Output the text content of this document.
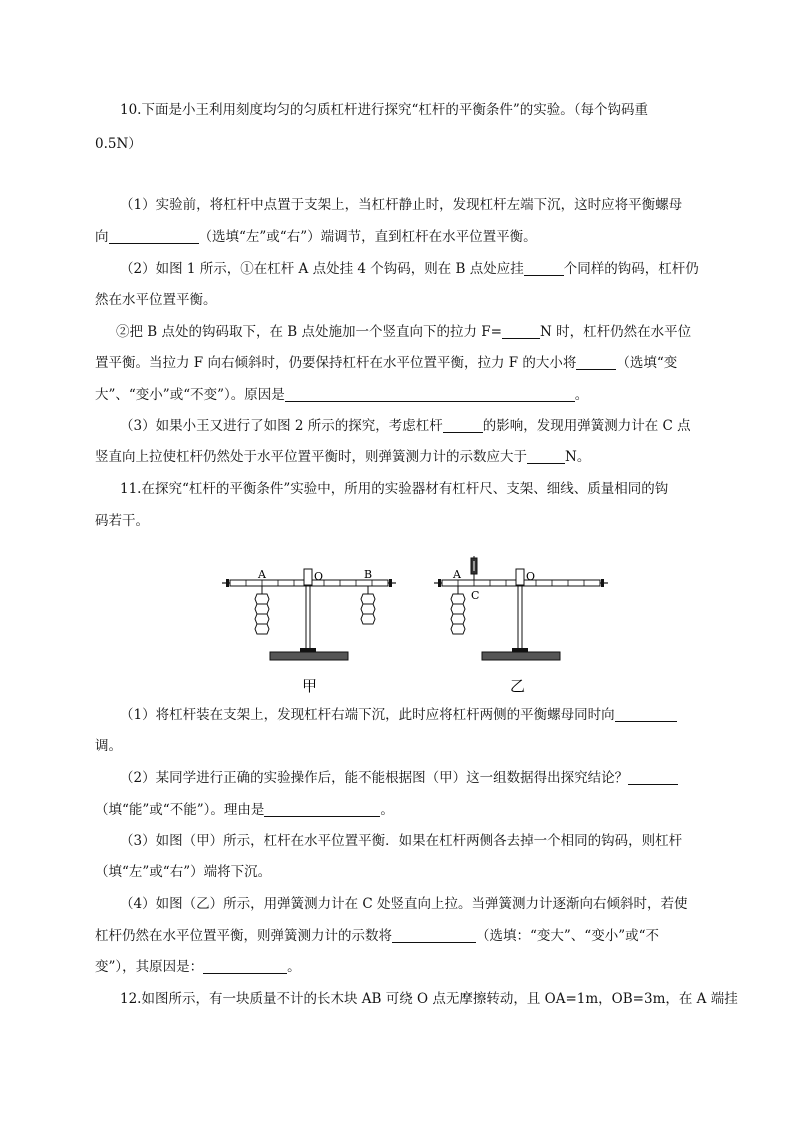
10.下面是小王利用刻度均匀的匀质杠杆进行探究“杠杆的平衡条件”的实验。（每个钩码重

0.5N）

（1）实验前，将杠杆中点置于支架上，当杠杆静止时，发现杠杆左端下沉，这时应将平衡螺母

向	（选填“左”或“右”）端调节，直到杠杆在水平位置平衡。

（2）如图 1 所示，①在杠杆 A 点处挂 4 个钩码，则在 B 点处应挂	个同样的钩码，杠杆仍

然在水平位置平衡。

②把 B 点处的钩码取下，在 B 点处施加一个竖直向下的拉力 F=	N 时，杠杆仍然在水平位

置平衡。当拉力 F 向右倾斜时，仍要保持杠杆在水平位置平衡，拉力 F 的大小将	（选填“变

大”、“变小”或“不变”）。原因是	。

（3）如果小王又进行了如图 2 所示的探究，考虑杠杆	的影响，发现用弹簧测力计在 C 点

竖直向上拉使杠杆仍然处于水平位置平衡时，则弹簧测力计的示数应大于	N。

11.在探究“杠杆的平衡条件”实验中，所用的实验器材有杠杆尺、支架、细线、质量相同的钩

码若干。

A	O	B	A	O
C
甲	乙

（1）将杠杆装在支架上，发现杠杆右端下沉，此时应将杠杆两侧的平衡螺母同时向

调。

（2）某同学进行正确的实验操作后，能不能根据图（甲）这一组数据得出探究结论？

（填“能”或“不能”）。理由是	。

（3）如图（甲）所示，杠杆在水平位置平衡．如果在杠杆两侧各去掉一个相同的钩码，则杠杆

（填“左”或“右”）端将下沉。

（4）如图（乙）所示，用弹簧测力计在 C 处竖直向上拉。当弹簧测力计逐渐向右倾斜时，若使

杠杆仍然在水平位置平衡，则弹簧测力计的示数将	（选填：“变大”、“变小”或“不

变”），其原因是：	。

12.如图所示，有一块质量不计的长木块 AB 可绕 O 点无摩擦转动，且 OA=1m，OB=3m，在 A 端挂
